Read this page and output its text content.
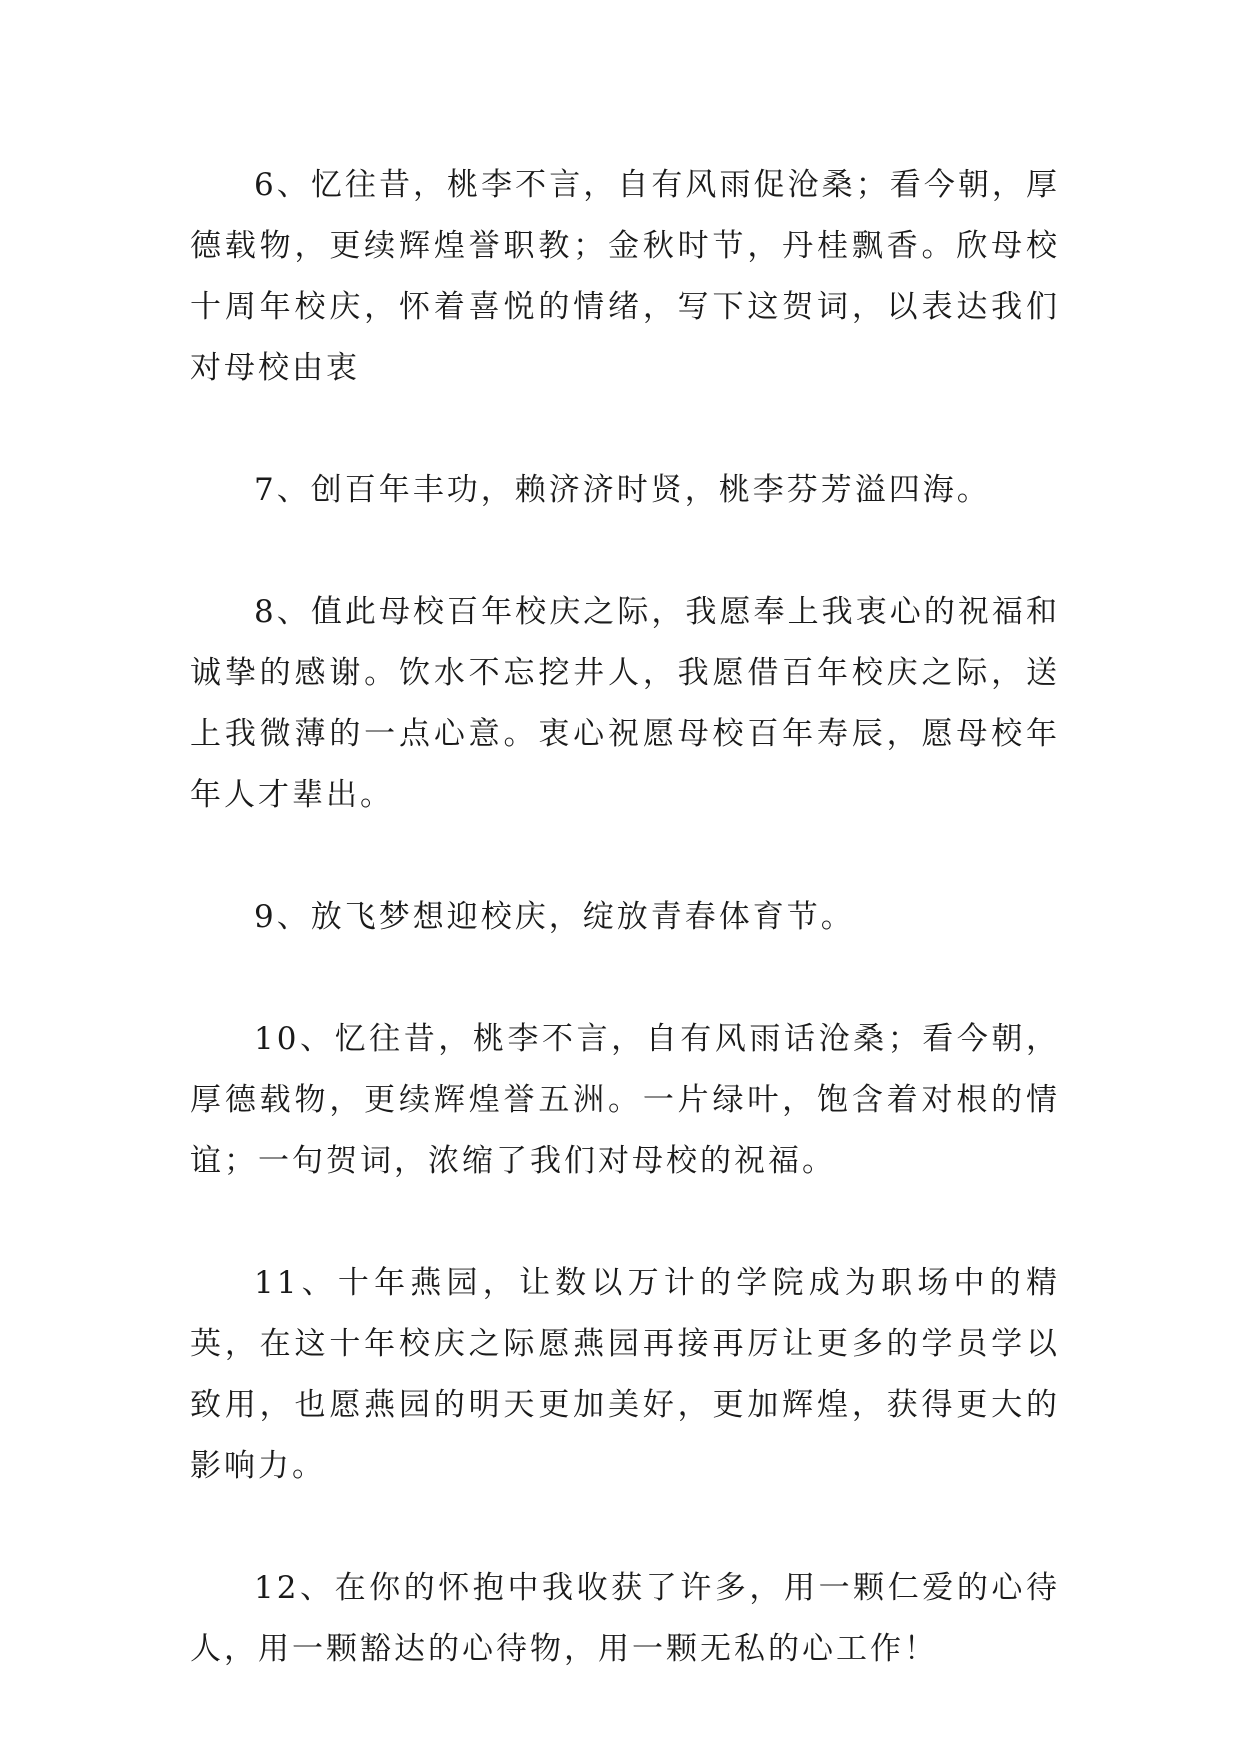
6、忆往昔，桃李不言，自有风雨促沧桑；看今朝，厚德载物，更续辉煌誉职教；金秋时节，丹桂飘香。欣母校十周年校庆，怀着喜悦的情绪，写下这贺词，以表达我们对母校由衷

7、创百年丰功，赖济济时贤，桃李芬芳溢四海。

8、值此母校百年校庆之际，我愿奉上我衷心的祝福和诚挚的感谢。饮水不忘挖井人，我愿借百年校庆之际，送上我微薄的一点心意。衷心祝愿母校百年寿辰，愿母校年年人才辈出。

9、放飞梦想迎校庆，绽放青春体育节。

10、忆往昔，桃李不言，自有风雨话沧桑；看今朝，厚德载物，更续辉煌誉五洲。一片绿叶，饱含着对根的情谊；一句贺词，浓缩了我们对母校的祝福。

11、十年燕园，让数以万计的学院成为职场中的精英，在这十年校庆之际愿燕园再接再厉让更多的学员学以致用，也愿燕园的明天更加美好，更加辉煌，获得更大的影响力。

12、在你的怀抱中我收获了许多，用一颗仁爱的心待人，用一颗豁达的心待物，用一颗无私的心工作！
